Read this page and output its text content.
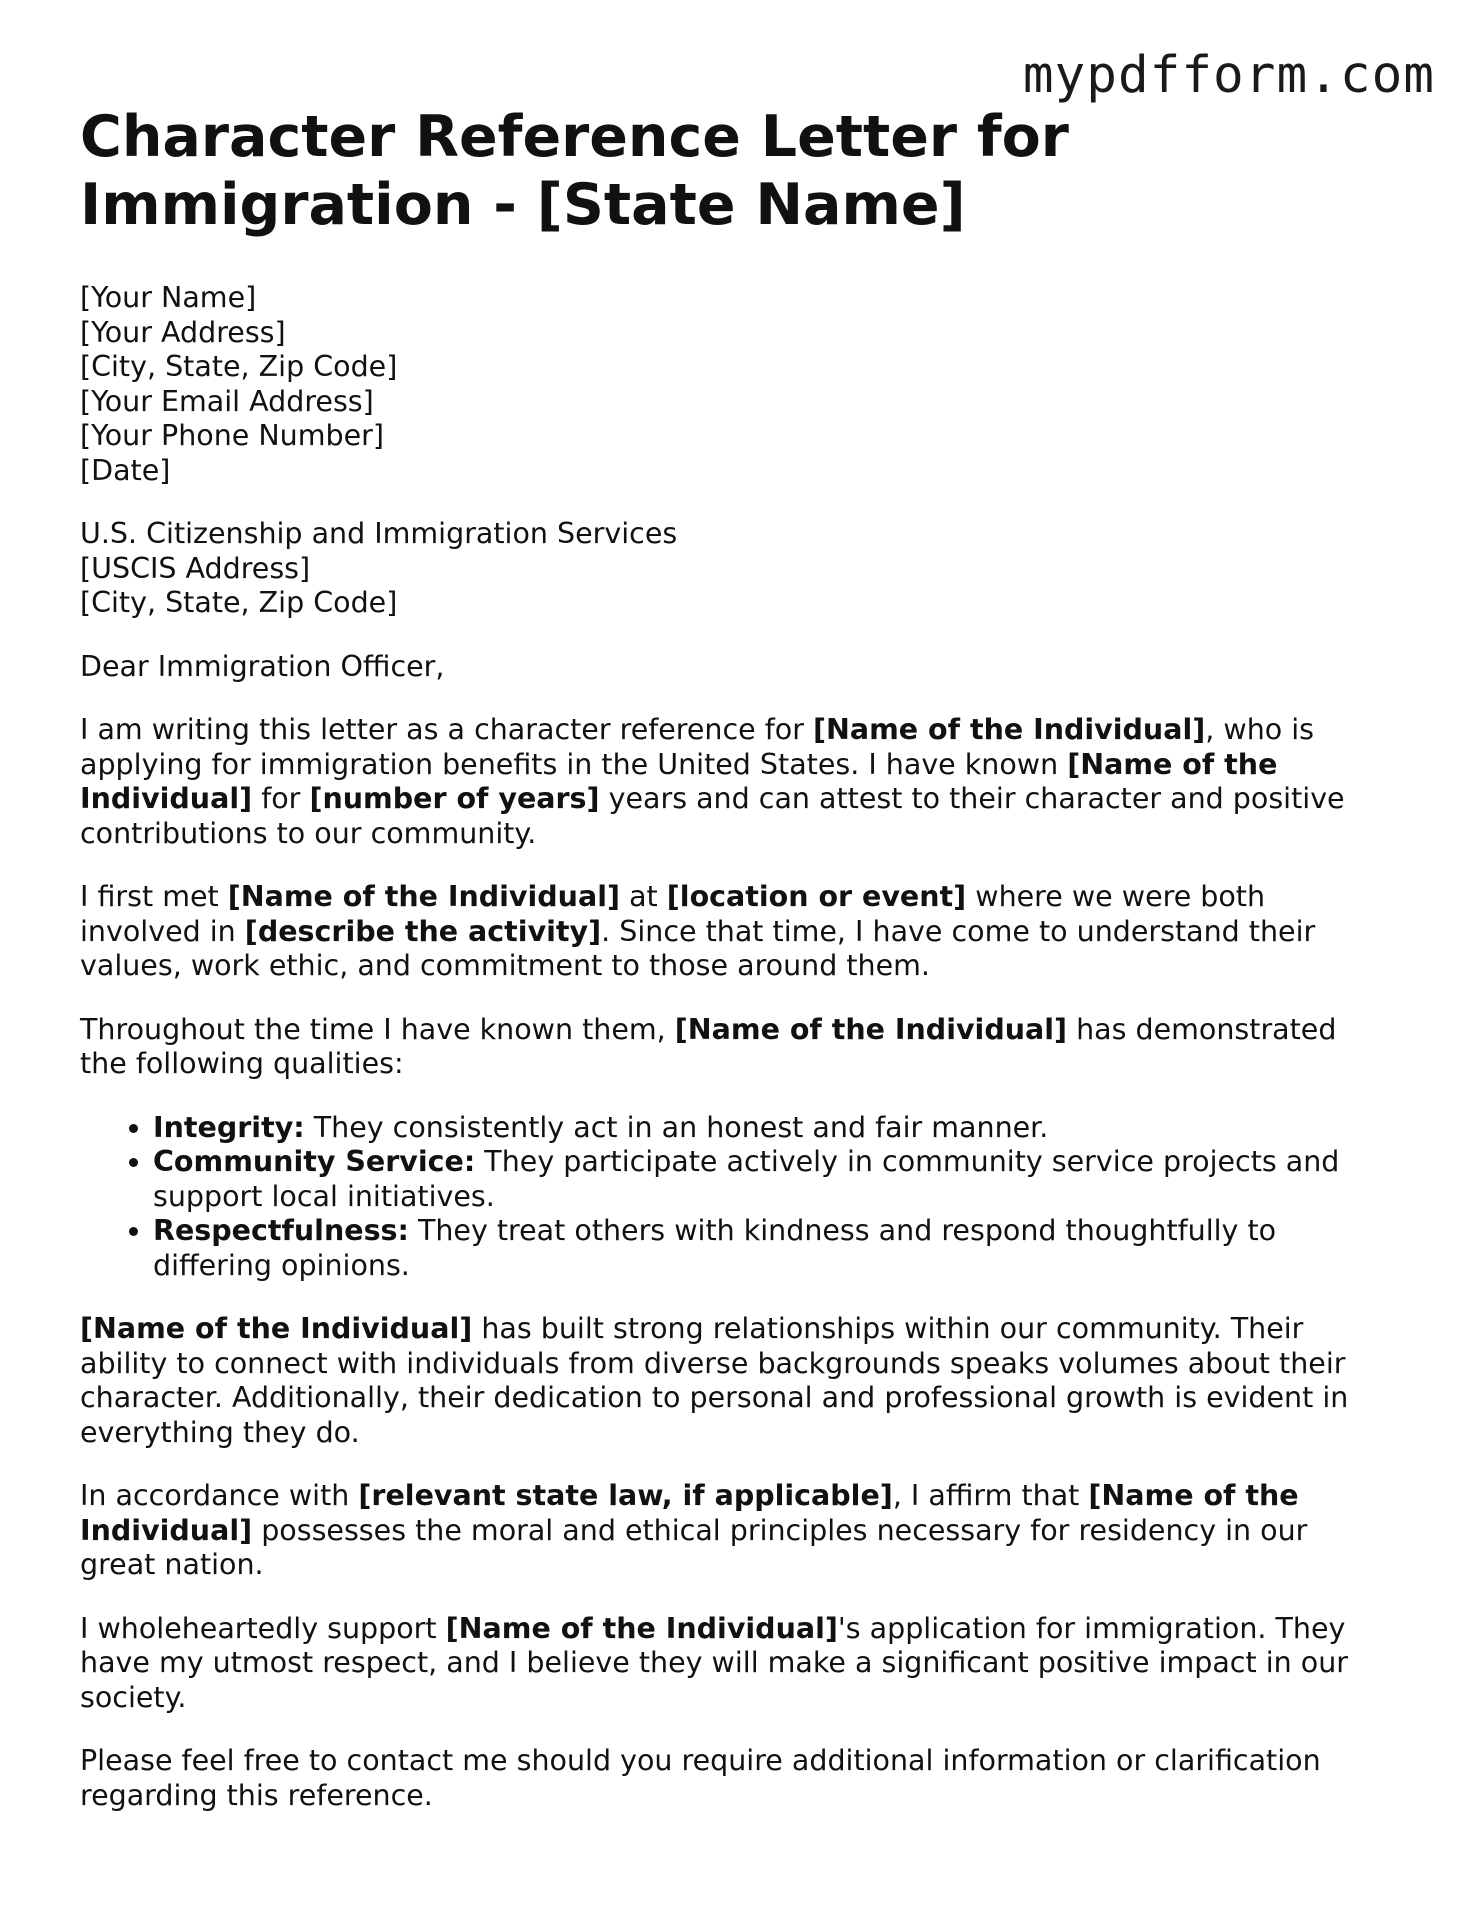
mypdfform.com
Character Reference Letter for Immigration - [State Name]
[Your Name]
[Your Address]
[City, State, Zip Code]
[Your Email Address]
[Your Phone Number]
[Date]
U.S. Citizenship and Immigration Services
[USCIS Address]
[City, State, Zip Code]

Dear Immigration Officer,

I am writing this letter as a character reference for [Name of the Individual], who is applying for immigration benefits in the United States. I have known [Name of the Individual] for [number of years] years and can attest to their character and positive contributions to our community.

I first met [Name of the Individual] at [location or event] where we were both involved in [describe the activity]. Since that time, I have come to understand their values, work ethic, and commitment to those around them.

Throughout the time I have known them, [Name of the Individual] has demonstrated the following qualities:

• Integrity: They consistently act in an honest and fair manner.
• Community Service: They participate actively in community service projects and support local initiatives.
• Respectfulness: They treat others with kindness and respond thoughtfully to differing opinions.

[Name of the Individual] has built strong relationships within our community. Their ability to connect with individuals from diverse backgrounds speaks volumes about their character. Additionally, their dedication to personal and professional growth is evident in everything they do.

In accordance with [relevant state law, if applicable], I affirm that [Name of the Individual] possesses the moral and ethical principles necessary for residency in our great nation.

I wholeheartedly support [Name of the Individual]'s application for immigration. They have my utmost respect, and I believe they will make a significant positive impact in our society.

Please feel free to contact me should you require additional information or clarification regarding this reference.
